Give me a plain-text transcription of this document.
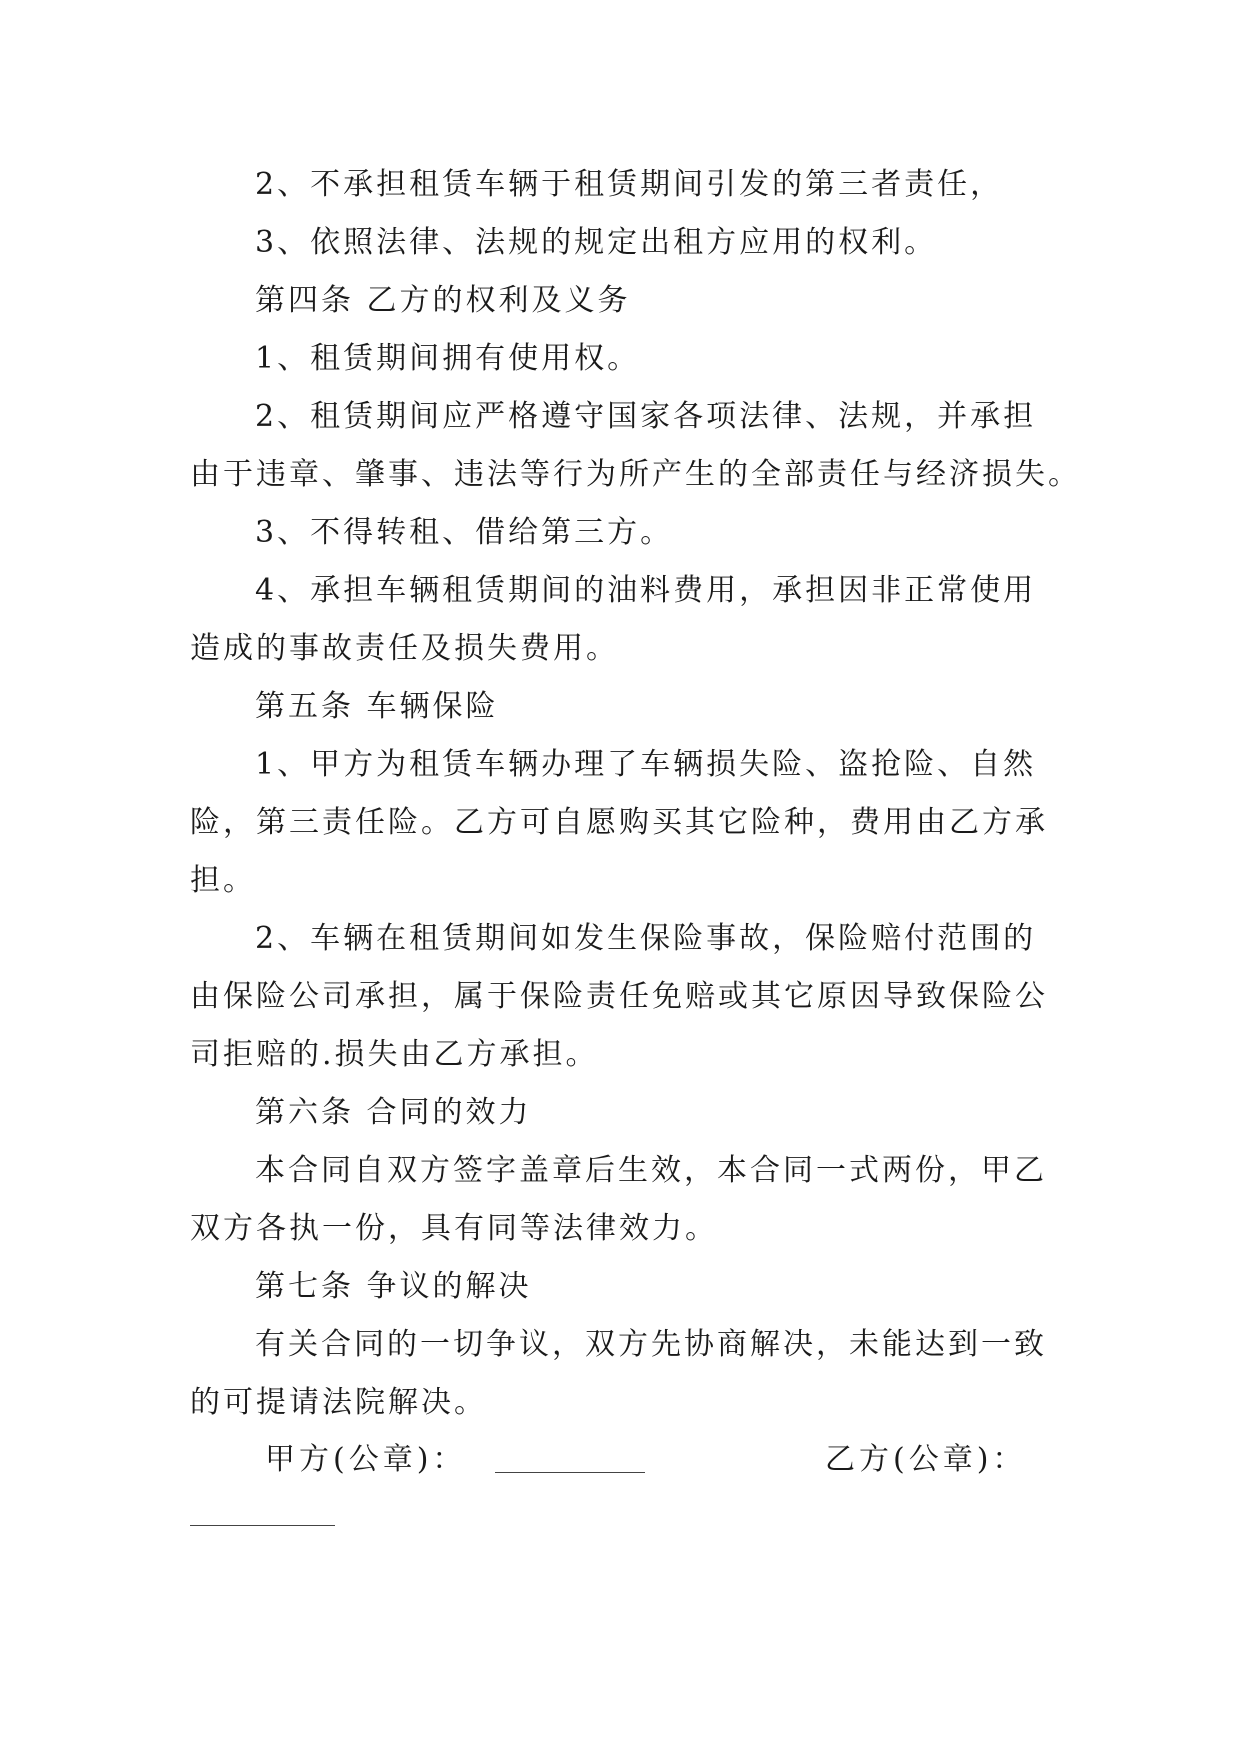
2、不承担租赁车辆于租赁期间引发的第三者责任，
3、依照法律、法规的规定出租方应用的权利。
第四条 乙方的权利及义务
1、租赁期间拥有使用权。
2、租赁期间应严格遵守国家各项法律、法规，并承担
由于违章、肇事、违法等行为所产生的全部责任与经济损失。
3、不得转租、借给第三方。
4、承担车辆租赁期间的油料费用，承担因非正常使用
造成的事故责任及损失费用。
第五条 车辆保险
1、甲方为租赁车辆办理了车辆损失险、盗抢险、自然
险，第三责任险。乙方可自愿购买其它险种，费用由乙方承
担。
2、车辆在租赁期间如发生保险事故，保险赔付范围的
由保险公司承担，属于保险责任免赔或其它原因导致保险公
司拒赔的.损失由乙方承担。
第六条 合同的效力
本合同自双方签字盖章后生效，本合同一式两份，甲乙
双方各执一份，具有同等法律效力。
第七条 争议的解决
有关合同的一切争议，双方先协商解决，未能达到一致
的可提请法院解决。
甲方(公章)：	乙方(公章)：
